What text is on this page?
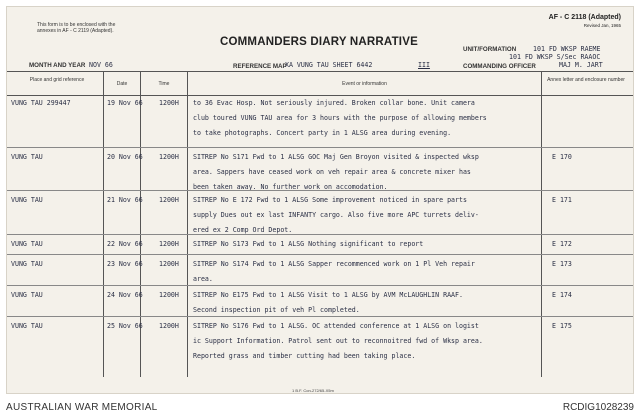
This form is to be enclosed with the annexes in AF - C 2119 (Adapted).
COMMANDERS DIARY NARRATIVE
AF - C 2118 (Adapted)
Revised Jan, 1965
MONTH AND YEAR NOV 66	REFERENCE MAP
XA VUNG TAU SHEET 6442	III
UNIT/FORMATION	101 FD WKSP RAEME
101 FD WKSP S/Sec RAAOC
COMMANDING OFFICER	MAJ M. JART
Place and grid reference
Date	Time	Event or information
Annex letter and enclosure number
VUNG TAU 299447	19 Nov 66 1200H to 36 Evac Hosp. Not seriously injured. Broken collar bone. Unit camera
club toured VUNG TAU area for 3 hours with the purpose of allowing members
to take photographs. Concert party in 1 ALSG area during evening.
VUNG TAU	20 Nov 66 1200H SITREP No S171 Fwd to 1 ALSG GOC Maj Gen Broyon visited & inspected wksp
area. Sappers have ceased work on veh repair area & concrete mixer has
been taken away. No further work on accomodation.
E 170
VUNG TAU	21 Nov 66 1200H SITREP No E 172 Fwd to 1 ALSG Some improvement noticed in spare parts
supply Dues out ex last INFANTY cargo. Also five more APC turrets deliv-
ered ex 2 Comp Ord Depot.
E 171
VUNG TAU	22 Nov 66 1200H SITREP No S173 Fwd to 1 ALSG Nothing significant to report	E 172
VUNG TAU	23 Nov 66 1200H SITREP No S174 Fwd to 1 ALSG Sapper recommenced work on 1 Pl Veh repair
area.
E 173
VUNG TAU	24 Nov 66 1200H SITREP No E175 Fwd to 1 ALSG Visit to 1 ALSG by AVM McLAUGHLIN RAAF.
Second inspection pit of veh Pl completed.
E 174
VUNG TAU	25 Nov 66 1200H SITREP No S176 Fwd to 1 ALSG. OC attended conference at 1 ALSG on logist
ic Support Information. Patrol sent out to reconnoitred fwd of Wksp area.
Reported grass and timber cutting had been taking place.
E 175
1 B.F. Con-272/65-X5m
AUSTRALIAN WAR MEMORIAL	RCDIG1028239
